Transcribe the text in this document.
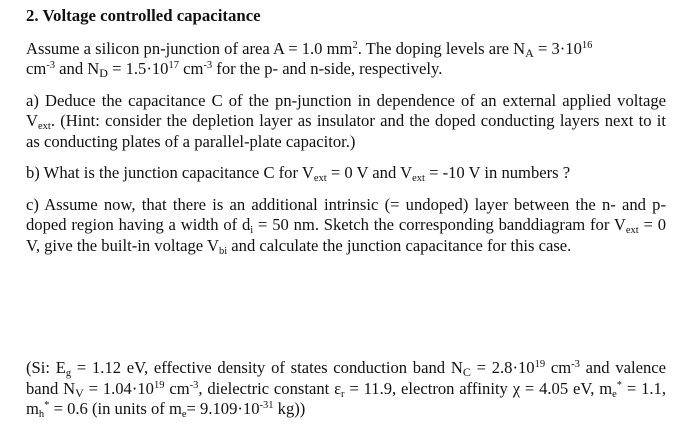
2. Voltage controlled capacitance

Assume a silicon pn-junction of area A = 1.0 $mm^2$. The doping levels are $N_A = 3\cdot 10^{16}$
$cm^{-3}$ and $N_D = 1.5\cdot 10^{17}$ $cm^{-3}$ for the p- and n-side, respectively.

a) Deduce the capacitance C of the pn-junction in dependence of an external applied voltage $V_{ext}$. (Hint: consider the depletion layer as insulator and the doped conducting layers next to it as conducting plates of a parallel-plate capacitor.)

b) What is the junction capacitance C for $V_{ext} = 0$ V and $V_{ext} = -10$ V in numbers ?

c) Assume now, that there is an additional intrinsic (= undoped) layer between the n- and p-doped region having a width of $d_i = 50$ nm. Sketch the corresponding banddiagram for $V_{ext} = 0$ V, give the built-in voltage $V_{bi}$ and calculate the junction capacitance for this case.

(Si: $E_g = 1.12$ eV, effective density of states conduction band $N_C = 2.8\cdot 10^{19}$ $cm^{-3}$ and valence band $N_V = 1.04\cdot 10^{19}$ $cm^{-3}$, dielectric constant $\varepsilon_r = 11.9$, electron affinity χ = 4.05 eV, $m_e^* = 1.1$, $m_h^* = 0.6$ (in units of $m_e= 9.109\cdot 10^{-31}$ kg))
